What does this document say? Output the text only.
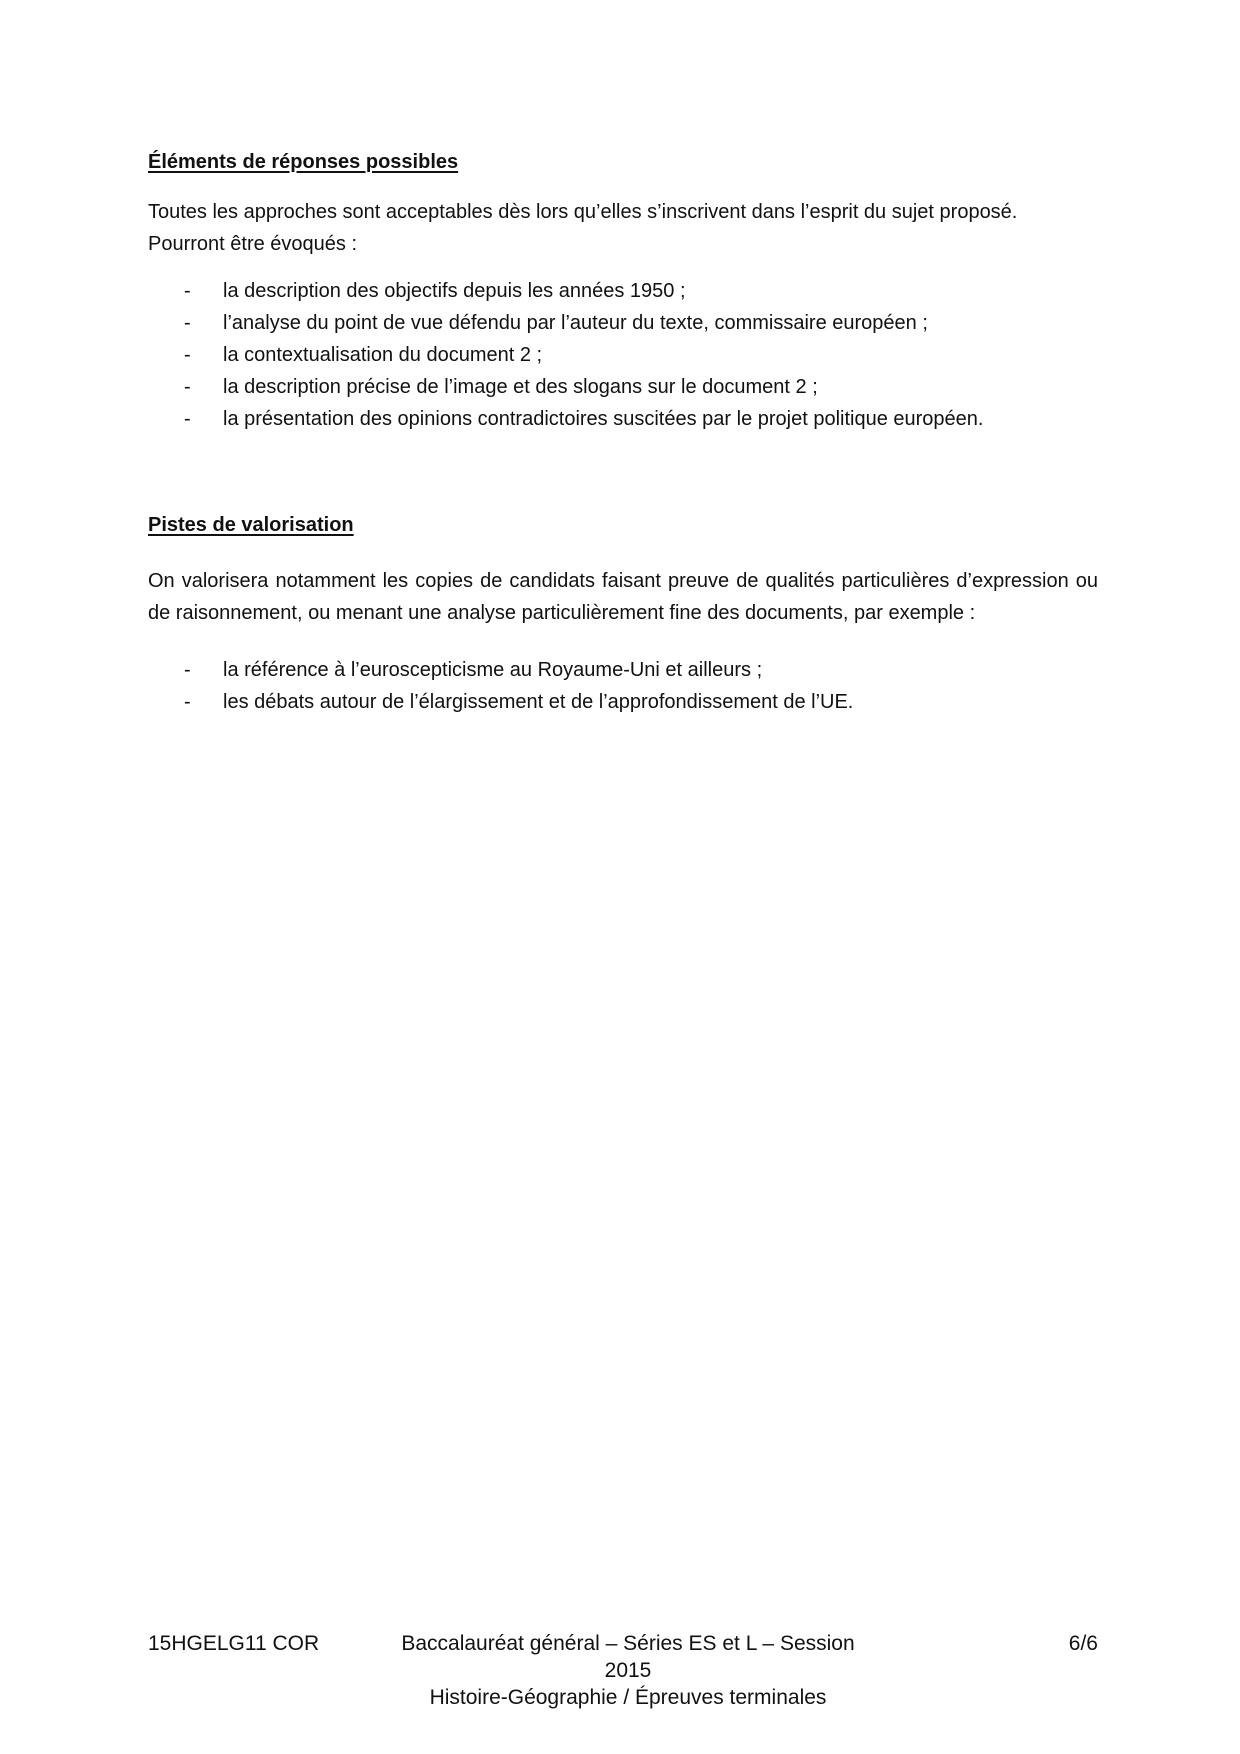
Éléments de réponses possibles

Toutes les approches sont acceptables dès lors qu’elles s’inscrivent dans l’esprit du sujet proposé.

Pourront être évoqués :

- la description des objectifs depuis les années 1950 ;
- l’analyse du point de vue défendu par l’auteur du texte, commissaire européen ;
- la contextualisation du document 2 ;
- la description précise de l’image et des slogans sur le document 2 ;
- la présentation des opinions contradictoires suscitées par le projet politique européen.

Pistes de valorisation

On valorisera notamment les copies de candidats faisant preuve de qualités particulières d’expression ou de raisonnement, ou menant une analyse particulièrement fine des documents, par exemple :

- la référence à l’euroscepticisme au Royaume-Uni et ailleurs ;
- les débats autour de l’élargissement et de l’approfondissement de l’UE.
15HGELG11 COR	Baccalauréat général – Séries ES et L – Session 2015
Histoire-Géographie / Épreuves terminales
6/6
